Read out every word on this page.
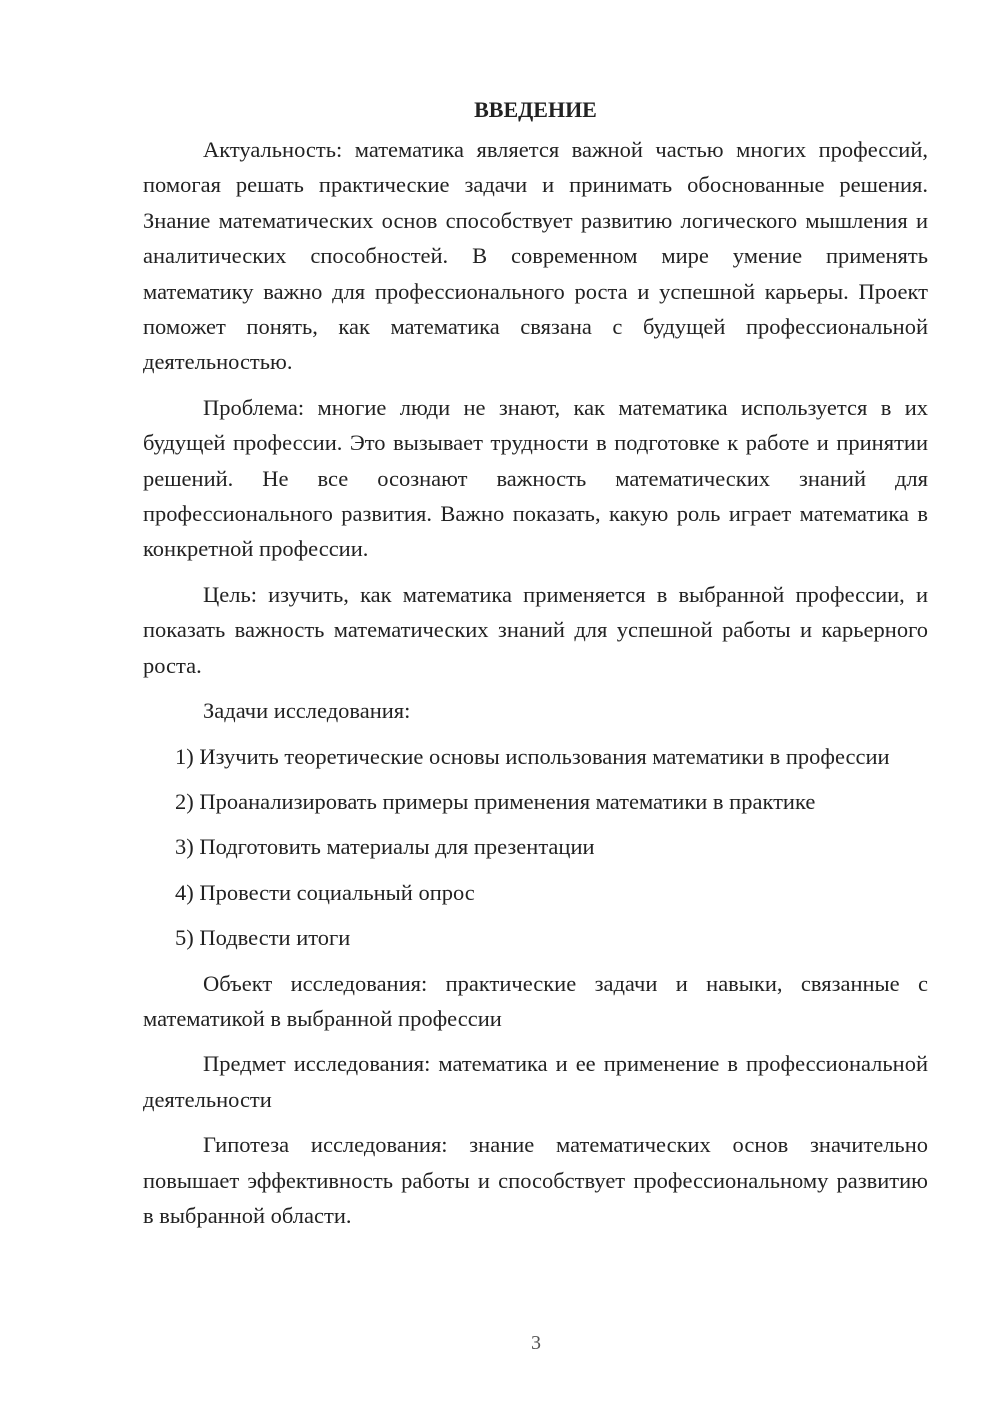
ВВЕДЕНИЕ

Актуальность: математика является важной частью многих профессий, помогая решать практические задачи и принимать обоснованные решения. Знание математических основ способствует развитию логического мышления и аналитических способностей. В современном мире умение применять математику важно для профессионального роста и успешной карьеры. Проект поможет понять, как математика связана с будущей профессиональной деятельностью.

Проблема: многие люди не знают, как математика используется в их будущей профессии. Это вызывает трудности в подготовке к работе и принятии решений. Не все осознают важность математических знаний для профессионального развития. Важно показать, какую роль играет математика в конкретной профессии.

Цель: изучить, как математика применяется в выбранной профессии, и показать важность математических знаний для успешной работы и карьерного роста.

Задачи исследования:

1) Изучить теоретические основы использования математики в профессии

2) Проанализировать примеры применения математики в практике

3) Подготовить материалы для презентации

4) Провести социальный опрос

5) Подвести итоги

Объект исследования: практические задачи и навыки, связанные с математикой в выбранной профессии

Предмет исследования: математика и ее применение в профессиональной деятельности

Гипотеза исследования: знание математических основ значительно повышает эффективность работы и способствует профессиональному развитию в выбранной области.

3
